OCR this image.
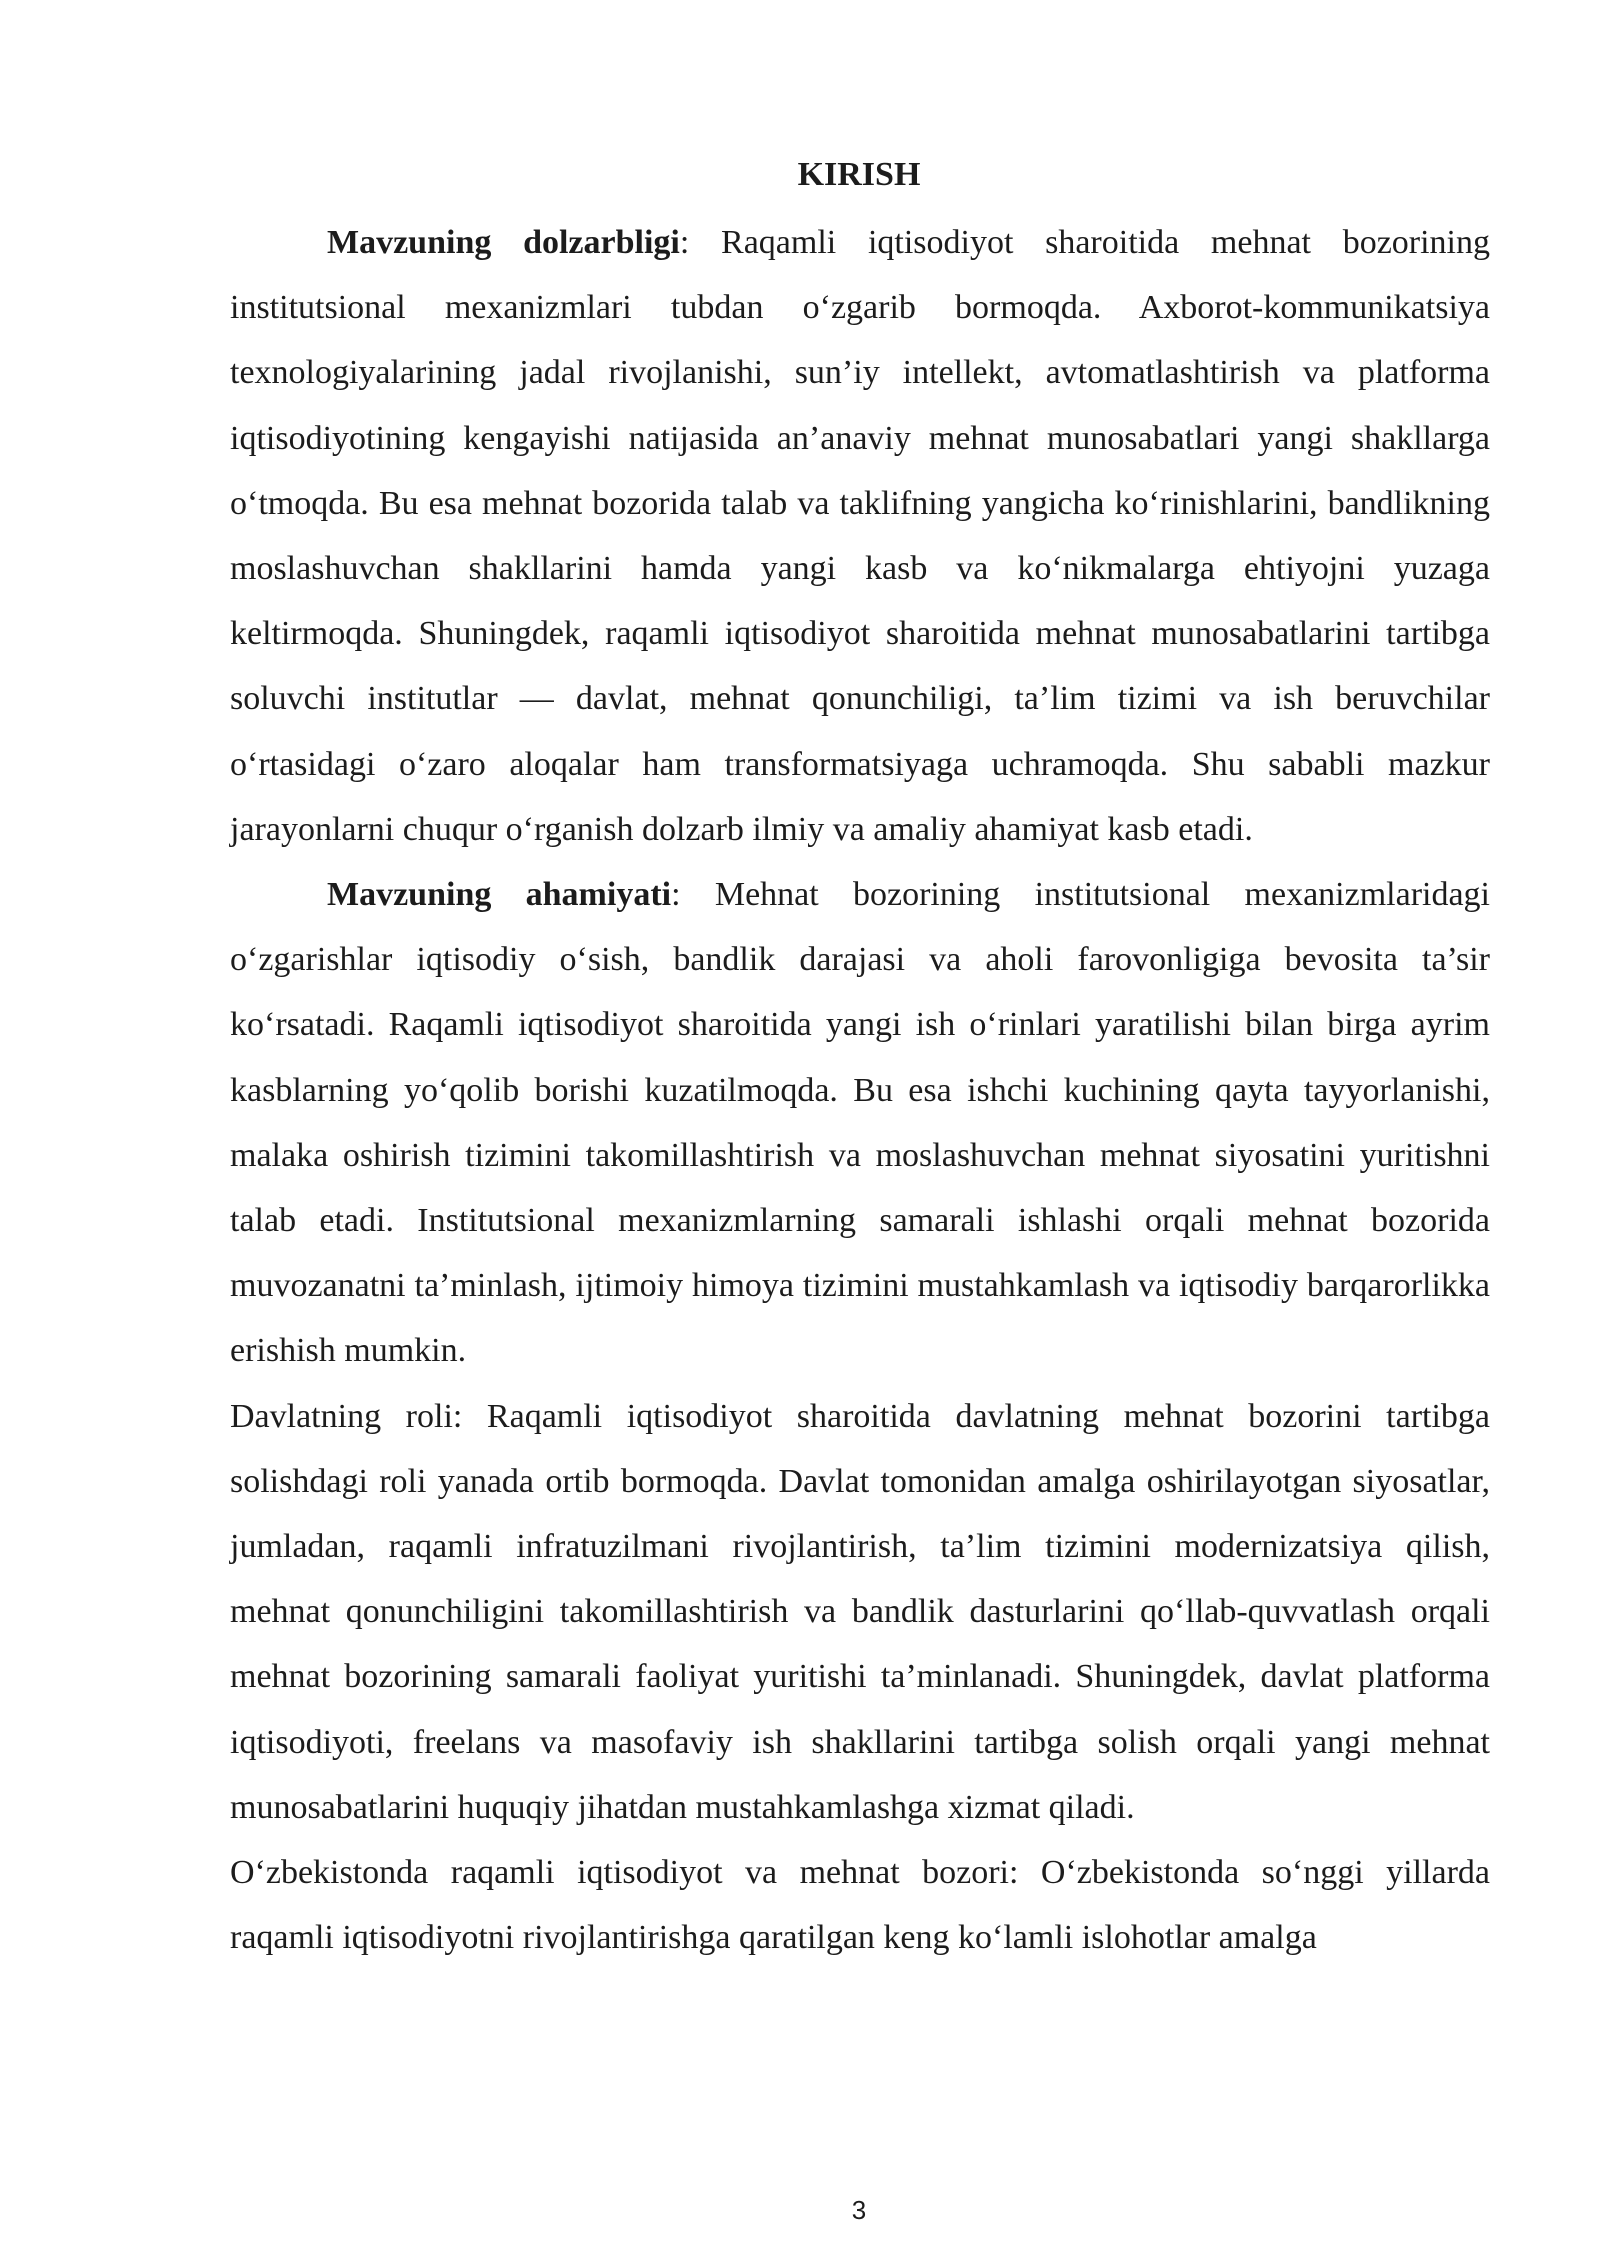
KIRISH

Mavzuning dolzarbligi: Raqamli iqtisodiyot sharoitida mehnat bozorining institutsional mexanizmlari tubdan o‘zgarib bormoqda. Axborot-kommunikatsiya texnologiyalarining jadal rivojlanishi, sun’iy intellekt, avtomatlashtirish va platforma iqtisodiyotining kengayishi natijasida an’anaviy mehnat munosabatlari yangi shakllarga o‘tmoqda. Bu esa mehnat bozorida talab va taklifning yangicha ko‘rinishlarini, bandlikning moslashuvchan shakllarini hamda yangi kasb va ko‘nikmalarga ehtiyojni yuzaga keltirmoqda. Shuningdek, raqamli iqtisodiyot sharoitida mehnat munosabatlarini tartibga soluvchi institutlar — davlat, mehnat qonunchiligi, ta’lim tizimi va ish beruvchilar o‘rtasidagi o‘zaro aloqalar ham transformatsiyaga uchramoqda. Shu sababli mazkur jarayonlarni chuqur o‘rganish dolzarb ilmiy va amaliy ahamiyat kasb etadi.

Mavzuning ahamiyati: Mehnat bozorining institutsional mexanizmlaridagi o‘zgarishlar iqtisodiy o‘sish, bandlik darajasi va aholi farovonligiga bevosita ta’sir ko‘rsatadi. Raqamli iqtisodiyot sharoitida yangi ish o‘rinlari yaratilishi bilan birga ayrim kasblarning yo‘qolib borishi kuzatilmoqda. Bu esa ishchi kuchining qayta tayyorlanishi, malaka oshirish tizimini takomillashtirish va moslashuvchan mehnat siyosatini yuritishni talab etadi. Institutsional mexanizmlarning samarali ishlashi orqali mehnat bozorida muvozanatni ta’minlash, ijtimoiy himoya tizimini mustahkamlash va iqtisodiy barqarorlikka erishish mumkin.

Davlatning roli: Raqamli iqtisodiyot sharoitida davlatning mehnat bozorini tartibga solishdagi roli yanada ortib bormoqda. Davlat tomonidan amalga oshirilayotgan siyosatlar, jumladan, raqamli infratuzilmani rivojlantirish, ta’lim tizimini modernizatsiya qilish, mehnat qonunchiligini takomillashtirish va bandlik dasturlarini qo‘llab-quvvatlash orqali mehnat bozorining samarali faoliyat yuritishi ta’minlanadi. Shuningdek, davlat platforma iqtisodiyoti, freelans va masofaviy ish shakllarini tartibga solish orqali yangi mehnat munosabatlarini huquqiy jihatdan mustahkamlashga xizmat qiladi.

O‘zbekistonda raqamli iqtisodiyot va mehnat bozori: O‘zbekistonda so‘nggi yillarda raqamli iqtisodiyotni rivojlantirishga qaratilgan keng ko‘lamli islohotlar amalga

3
